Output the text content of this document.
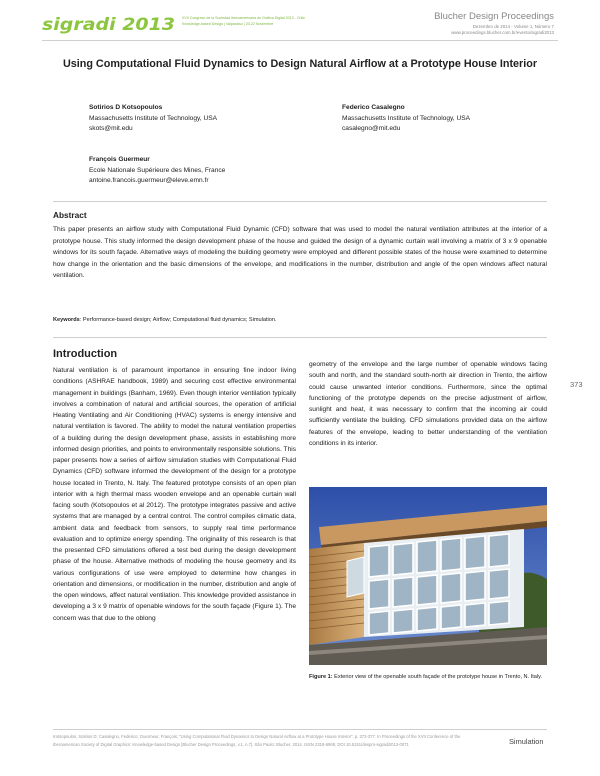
sigradi 2013 XVII Congreso de la Sociedad Iberoamericana de Gráfica Digital 2013 - Chile
Knowledge-based Design | Valparaíso | 20-22 Noviembre
Blucher Design Proceedings
Dezembro de 2014 - Volume 1, Número 7
www.proceedings.blucher.com.br/evento/sigradi2013
Using Computational Fluid Dynamics to Design Natural Airflow at a Prototype House Interior
Sotirios D Kotsopoulos
Massachusetts Institute of Technology, USA
skots@mit.edu
Federico Casalegno
Massachusetts Institute of Technology, USA
casalegno@mit.edu
François Guermeur
Ecole Nationale Supérieure des Mines, France
antoine.francois.guermeur@eleve.emn.fr
Abstract

This paper presents an airflow study with Computational Fluid Dynamic (CFD) software that was used to model the natural ventilation attributes at the interior of a prototype house. This study informed the design development phase of the house and guided the design of a dynamic curtain wall involving a matrix of 3 x 9 openable windows for its south façade. Alternative ways of modeling the building geometry were employed and different possible states of the house were examined to determine how change in the orientation and the basic dimensions of the envelope, and modifications in the number, distribution and angle of the open windows affect natural ventilation.

Keywords: Performance-based design; Airflow; Computational fluid dynamics; Simulation.
Introduction

Natural ventilation is of paramount importance in ensuring fine indoor living conditions (ASHRAE handbook, 1989) and securing cost effective environmental management in buildings (Banham, 1969). Even though interior ventilation typically involves a combination of natural and artificial sources, the operation of artificial Heating Ventilating and Air Conditioning (HVAC) systems is energy intensive and natural ventilation is favored. The ability to model the natural ventilation properties of a building during the design development phase, assists in establishing more informed design priorities, and points to environmentally responsible solutions. This paper presents how a series of airflow simulation studies with Computational Fluid Dynamics (CFD) software informed the development of the design for a prototype house located in Trento, N. Italy. The featured prototype consists of an open plan interior with a high thermal mass wooden envelope and an openable curtain wall facing south (Kotsopoulos et al 2012). The prototype integrates passive and active systems that are managed by a central control. The control compiles climatic data, ambient data and feedback from sensors, to supply real time performance evaluation and to optimize energy spending. The originality of this research is that the presented CFD simulations offered a test bed during the design development phase of the house. Alternative methods of modeling the house geometry and its various configurations of use were employed to determine how changes in orientation and dimensions, or modification in the number, distribution and angle of the open windows, affect natural ventilation. This knowledge provided assistance in developing a 3 x 9 matrix of openable windows for the south façade (Figure 1). The concern was that due to the oblong

geometry of the envelope and the large number of openable windows facing south and north, and the standard south-north air direction in Trento, the airflow could cause unwanted interior conditions. Furthermore, since the optimal functioning of the prototype depends on the precise adjustment of airflow, sunlight and heat, it was necessary to confirm that the incoming air could sufficiently ventilate the building. CFD simulations provided data on the airflow features of the envelope, leading to better understanding of the ventilation conditions in its interior.

373

Figure 1: Exterior view of the openable south façade of the prototype house in Trento, N. Italy.

Kotsopoulos, Sotirios D; Casalegno, Federico; Guermeur, François; "Using Computational Fluid Dynamics to Design Natural Airflow at a Prototype House Interior", p. 373-377. In Proceedings of the XVII Conference of the Iberoamerican Society of Digital Graphics: Knowledge-based Design [Blucher Design Proceedings, v.1, n.7]. São Paulo: Blucher, 2014. ISSN 2318-6968, DOI 10.5151/despro-sigradi2013-0071	Simulation
